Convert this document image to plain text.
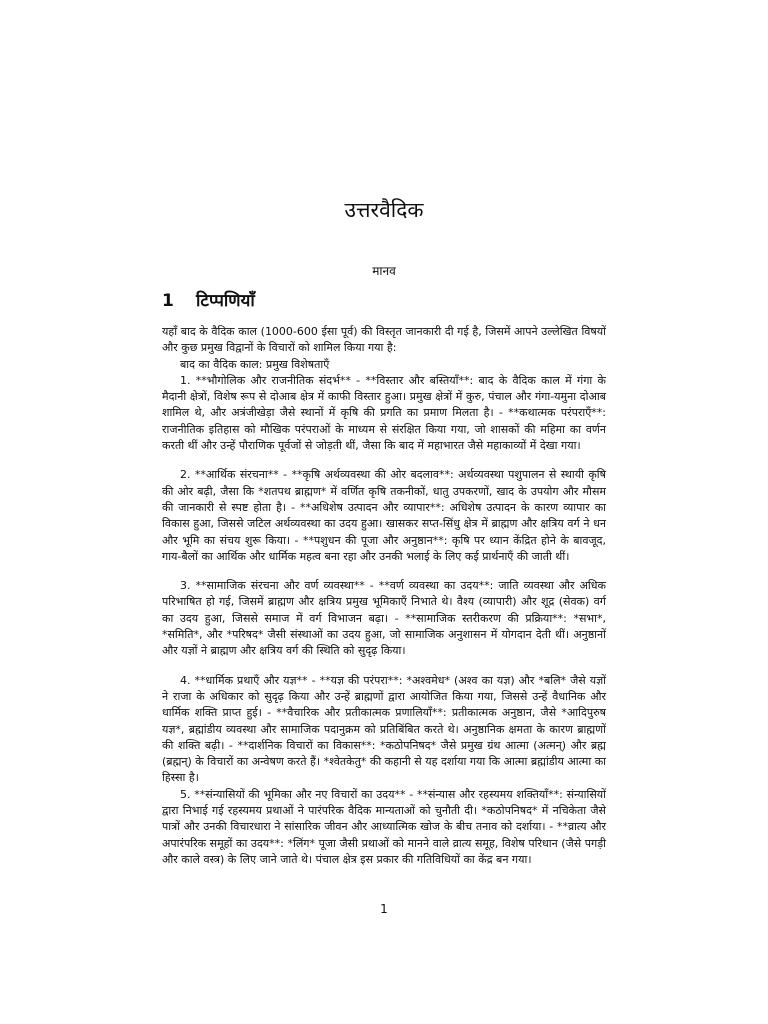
उत्तरवैदिक
मानव
1 टिप्पणियाँ

यहाँ बाद के वैदिक काल (1000-600 ईसा पूर्व) की विस्तृत जानकारी दी गई है, जिसमें आपने उल्लेखित विषयों और कुछ प्रमुख विद्वानों के विचारों को शामिल किया गया है:

बाद का वैदिक काल: प्रमुख विशेषताएँ

1. **भौगोलिक और राजनीतिक संदर्भ** - **विस्तार और बस्तियाँ**: बाद के वैदिक काल में गंगा के मैदानी क्षेत्रों, विशेष रूप से दोआब क्षेत्र में काफी विस्तार हुआ। प्रमुख क्षेत्रों में कुरु, पंचाल और गंगा-यमुना दोआब शामिल थे, और अत्रंजीखेड़ा जैसे स्थानों में कृषि की प्रगति का प्रमाण मिलता है। - **कथात्मक परंपराएँ**: राजनीतिक इतिहास को मौखिक परंपराओं के माध्यम से संरक्षित किया गया, जो शासकों की महिमा का वर्णन करती थीं और उन्हें पौराणिक पूर्वजों से जोड़ती थीं, जैसा कि बाद में महाभारत जैसे महाकाव्यों में देखा गया।

2. **आर्थिक संरचना** - **कृषि अर्थव्यवस्था की ओर बदलाव**: अर्थव्यवस्था पशुपालन से स्थायी कृषि की ओर बढ़ी, जैसा कि *शतपथ ब्राह्मण* में वर्णित कृषि तकनीकों, धातु उपकरणों, खाद के उपयोग और मौसम की जानकारी से स्पष्ट होता है। - **अधिशेष उत्पादन और व्यापार**: अधिशेष उत्पादन के कारण व्यापार का विकास हुआ, जिससे जटिल अर्थव्यवस्था का उदय हुआ। खासकर सप्त-सिंधु क्षेत्र में ब्राह्मण और क्षत्रिय वर्ग ने धन और भूमि का संचय शुरू किया। - **पशुधन की पूजा और अनुष्ठान**: कृषि पर ध्यान केंद्रित होने के बावजूद, गाय-बैलों का आर्थिक और धार्मिक महत्व बना रहा और उनकी भलाई के लिए कई प्रार्थनाएँ की जाती थीं।

3. **सामाजिक संरचना और वर्ण व्यवस्था** - **वर्ण व्यवस्था का उदय**: जाति व्यवस्था और अधिक परिभाषित हो गई, जिसमें ब्राह्मण और क्षत्रिय प्रमुख भूमिकाएँ निभाते थे। वैश्य (व्यापारी) और शूद्र (सेवक) वर्ग का उदय हुआ, जिससे समाज में वर्ग विभाजन बढ़ा। - **सामाजिक स्तरीकरण की प्रक्रिया**: *सभा*, *समिति*, और *परिषद* जैसी संस्थाओं का उदय हुआ, जो सामाजिक अनुशासन में योगदान देती थीं। अनुष्ठानों और यज्ञों ने ब्राह्मण और क्षत्रिय वर्ग की स्थिति को सुदृढ़ किया।

4. **धार्मिक प्रथाएँ और यज्ञ** - **यज्ञ की परंपरा**: *अश्वमेध* (अश्व का यज्ञ) और *बलि* जैसे यज्ञों ने राजा के अधिकार को सुदृढ़ किया और उन्हें ब्राह्मणों द्वारा आयोजित किया गया, जिससे उन्हें वैधानिक और धार्मिक शक्ति प्राप्त हुई। - **वैचारिक और प्रतीकात्मक प्रणालियाँ**: प्रतीकात्मक अनुष्ठान, जैसे *आदिपुरुष यज्ञ*, ब्रह्मांडीय व्यवस्था और सामाजिक पदानुक्रम को प्रतिबिंबित करते थे। अनुष्ठानिक क्षमता के कारण ब्राह्मणों की शक्ति बढ़ी। - **दार्शनिक विचारों का विकास**: *कठोपनिषद* जैसे प्रमुख ग्रंथ आत्मा (अत्मन्) और ब्रह्म (ब्रह्मन्) के विचारों का अन्वेषण करते हैं। *श्वेतकेतु* की कहानी से यह दर्शाया गया कि आत्मा ब्रह्मांडीय आत्मा का हिस्सा है।

5. **संन्यासियों की भूमिका और नए विचारों का उदय** - **संन्यास और रहस्यमय शक्तियाँ**: संन्यासियों द्वारा निभाई गई रहस्यमय प्रथाओं ने पारंपरिक वैदिक मान्यताओं को चुनौती दी। *कठोपनिषद* में नचिकेता जैसे पात्रों और उनकी विचारधारा ने सांसारिक जीवन और आध्यात्मिक खोज के बीच तनाव को दर्शाया। - **व्रात्य और अपारंपरिक समूहों का उदय**: *लिंग* पूजा जैसी प्रथाओं को मानने वाले व्रात्य समूह, विशेष परिधान (जैसे पगड़ी और काले वस्त्र) के लिए जाने जाते थे। पंचाल क्षेत्र इस प्रकार की गतिविधियों का केंद्र बन गया।

1
